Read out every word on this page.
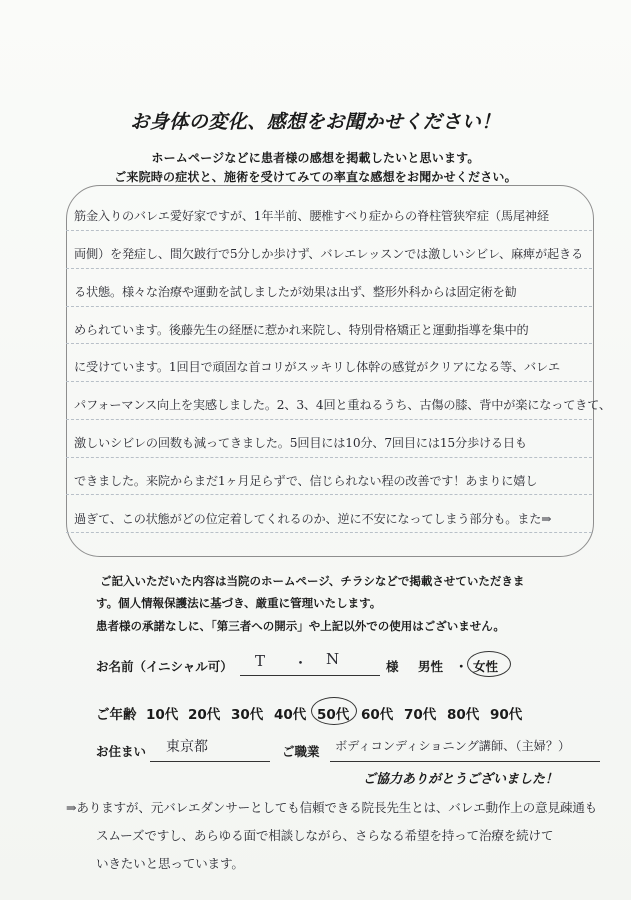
お身体の変化、感想をお聞かせください！
ホームページなどに患者様の感想を掲載したいと思います。
ご来院時の症状と、施術を受けてみての率直な感想をお聞かせください。
筋金入りのバレエ愛好家ですが、1年半前、腰椎すべり症からの脊柱管狭窄症（馬尾神経
両側）を発症し、間欠跛行で5分しか歩けず、バレエレッスンでは激しいシビレ、麻痺が起きる
る状態。様々な治療や運動を試しましたが効果は出ず、整形外科からは固定術を勧
められています。後藤先生の経歴に惹かれ来院し、特別骨格矯正と運動指導を集中的
に受けています。1回目で頑固な首コリがスッキリし体幹の感覚がクリアになる等、バレエ
パフォーマンス向上を実感しました。2、3、4回と重ねるうち、古傷の膝、背中が楽になってきて、
激しいシビレの回数も減ってきました。5回目には10分、7回目には15分歩ける日も
できました。来院からまだ1ヶ月足らずで、信じられない程の改善です！あまりに嬉し
過ぎて、この状態がどの位定着してくれるのか、逆に不安になってしまう部分も。また⇒
ご記入いただいた内容は当院のホームページ、チラシなどで掲載させていただきま
す。個人情報保護法に基づき、厳重に管理いたします。
患者様の承諾なしに、「第三者への開示」や上記以外での使用はございません。
お名前（イニシャル可） T ・ N	様 男性 ・ 女性
ご年齢 10代 20代 30代 40代 50代 60代 70代 80代 90代
お住まい 東京都	ご職業 ボディコンディショニング講師、（主婦？）
ご協力ありがとうございました！
⇒ありますが、元バレエダンサーとしても信頼できる院長先生とは、バレエ動作上の意見疎通も
スムーズですし、あらゆる面で相談しながら、さらなる希望を持って治療を続けて
いきたいと思っています。
